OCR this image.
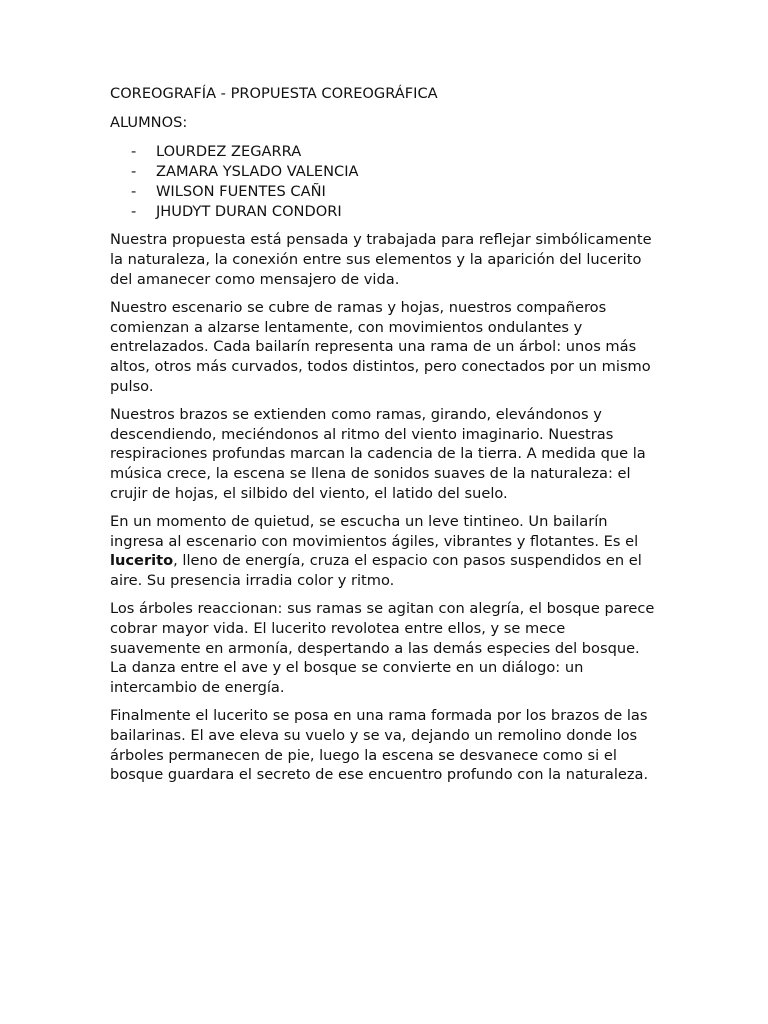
COREOGRAFÍA - PROPUESTA COREOGRÁFICA

ALUMNOS:

- LOURDEZ ZEGARRA
- ZAMARA YSLADO VALENCIA
- WILSON FUENTES CAÑI
- JHUDYT DURAN CONDORI

Nuestra propuesta está pensada y trabajada para reflejar simbólicamente la naturaleza, la conexión entre sus elementos y la aparición del lucerito del amanecer como mensajero de vida.

Nuestro escenario se cubre de ramas y hojas, nuestros compañeros comienzan a alzarse lentamente, con movimientos ondulantes y entrelazados. Cada bailarín representa una rama de un árbol: unos más altos, otros más curvados, todos distintos, pero conectados por un mismo pulso.

Nuestros brazos se extienden como ramas, girando, elevándonos y descendiendo, meciéndonos al ritmo del viento imaginario. Nuestras respiraciones profundas marcan la cadencia de la tierra. A medida que la música crece, la escena se llena de sonidos suaves de la naturaleza: el crujir de hojas, el silbido del viento, el latido del suelo.

En un momento de quietud, se escucha un leve tintineo. Un bailarín ingresa al escenario con movimientos ágiles, vibrantes y flotantes. Es el lucerito, lleno de energía, cruza el espacio con pasos suspendidos en el aire. Su presencia irradia color y ritmo.

Los árboles reaccionan: sus ramas se agitan con alegría, el bosque parece cobrar mayor vida. El lucerito revolotea entre ellos, y se mece suavemente en armonía, despertando a las demás especies del bosque. La danza entre el ave y el bosque se convierte en un diálogo: un intercambio de energía.

Finalmente el lucerito se posa en una rama formada por los brazos de las bailarinas. El ave eleva su vuelo y se va, dejando un remolino donde los árboles permanecen de pie, luego la escena se desvanece como si el bosque guardara el secreto de ese encuentro profundo con la naturaleza.
